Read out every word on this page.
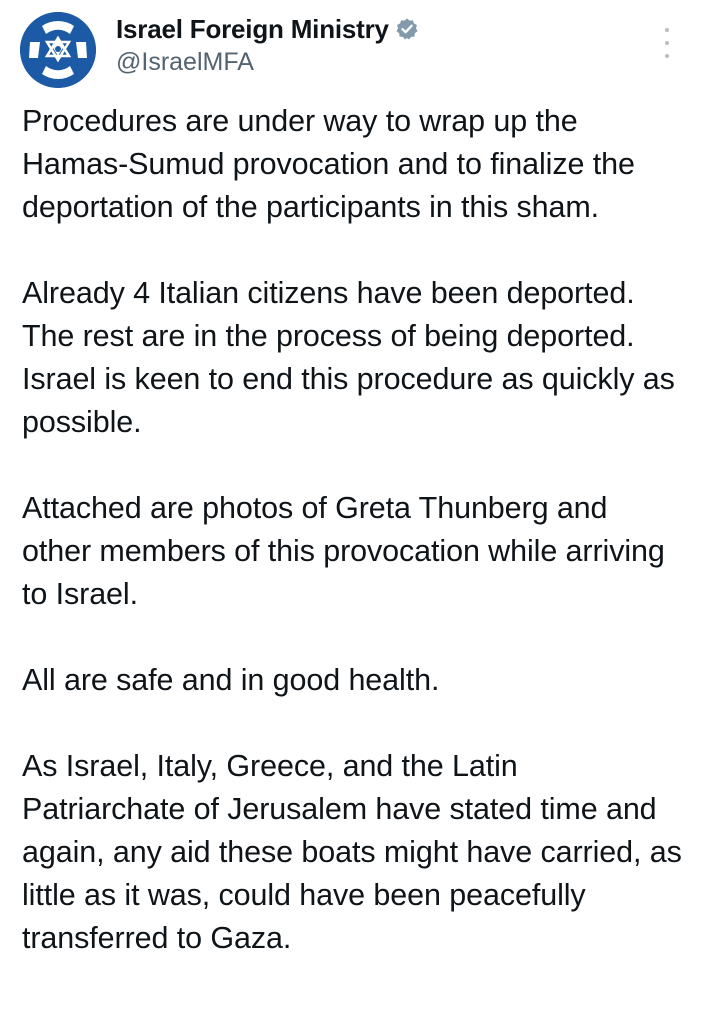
Israel Foreign Ministry
@IsraelMFA

Procedures are under way to wrap up the Hamas-Sumud provocation and to finalize the deportation of the participants in this sham.

Already 4 Italian citizens have been deported. The rest are in the process of being deported. Israel is keen to end this procedure as quickly as possible.

Attached are photos of Greta Thunberg and other members of this provocation while arriving to Israel.

All are safe and in good health.

As Israel, Italy, Greece, and the Latin Patriarchate of Jerusalem have stated time and again, any aid these boats might have carried, as little as it was, could have been peacefully transferred to Gaza.
